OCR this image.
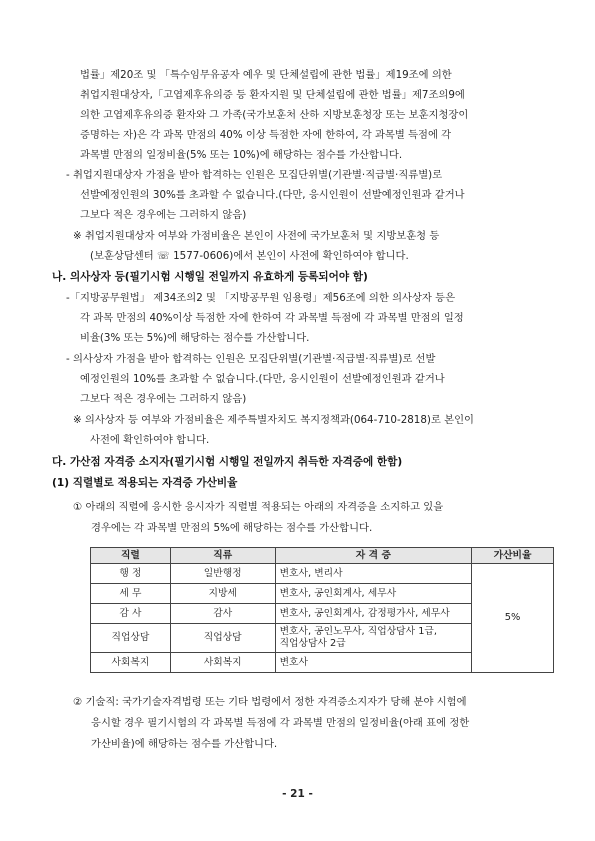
법률」제20조 및 「특수임무유공자 예우 및 단체설립에 관한 법률」제19조에 의한
취업지원대상자,「고엽제후유의증 등 환자지원 및 단체설립에 관한 법률」제7조의9에
의한 고엽제후유의증 환자와 그 가족(국가보훈처 산하 지방보훈청장 또는 보훈지청장이
증명하는 자)은 각 과목 만점의 40% 이상 득점한 자에 한하여, 각 과목별 득점에 각
과목별 만점의 일정비율(5% 또는 10%)에 해당하는 점수를 가산합니다.
- 취업지원대상자 가점을 받아 합격하는 인원은 모집단위별(기관별·직급별·직류별)로
선발예정인원의 30%를 초과할 수 없습니다.(다만, 응시인원이 선발예정인원과 같거나
그보다 적은 경우에는 그러하지 않음)
※ 취업지원대상자 여부와 가점비율은 본인이 사전에 국가보훈처 및 지방보훈청 등
(보훈상담센터 ☏ 1577-0606)에서 본인이 사전에 확인하여야 합니다.
나. 의사상자 등(필기시험 시행일 전일까지 유효하게 등록되어야 함)
-「지방공무원법」 제34조의2 및 「지방공무원 임용령」제56조에 의한 의사상자 등은
각 과목 만점의 40%이상 득점한 자에 한하여 각 과목별 득점에 각 과목별 만점의 일정
비율(3% 또는 5%)에 해당하는 점수를 가산합니다.
- 의사상자 가점을 받아 합격하는 인원은 모집단위별(기관별·직급별·직류별)로 선발
예정인원의 10%를 초과할 수 없습니다.(다만, 응시인원이 선발예정인원과 같거나
그보다 적은 경우에는 그러하지 않음)
※ 의사상자 등 여부와 가점비율은 제주특별자치도 복지정책과(064-710-2818)로 본인이
사전에 확인하여야 합니다.
다. 가산점 자격증 소지자(필기시험 시행일 전일까지 취득한 자격증에 한함)
(1) 직렬별로 적용되는 자격증 가산비율
① 아래의 직렬에 응시한 응시자가 직렬별 적용되는 아래의 자격증을 소지하고 있을
경우에는 각 과목별 만점의 5%에 해당하는 점수를 가산합니다.
② 기술직: 국가기술자격법령 또는 기타 법령에서 정한 자격증소지자가 당해 분야 시험에
응시할 경우 필기시험의 각 과목별 득점에 각 과목별 만점의 일정비율(아래 표에 정한
가산비율)에 해당하는 점수를 가산합니다.
직렬	직류	자 격 증	가산비율
행 정	일반행정	변호사, 변리사	5%
세 무	지방세	변호사, 공인회계사, 세무사	
감 사	감사	변호사, 공인회계사, 감정평가사, 세무사	
직업상담	직업상담	변호사, 공인노무사, 직업상담사 1급,
직업상담사 2급	
사회복지	사회복지	변호사	
- 21 -
